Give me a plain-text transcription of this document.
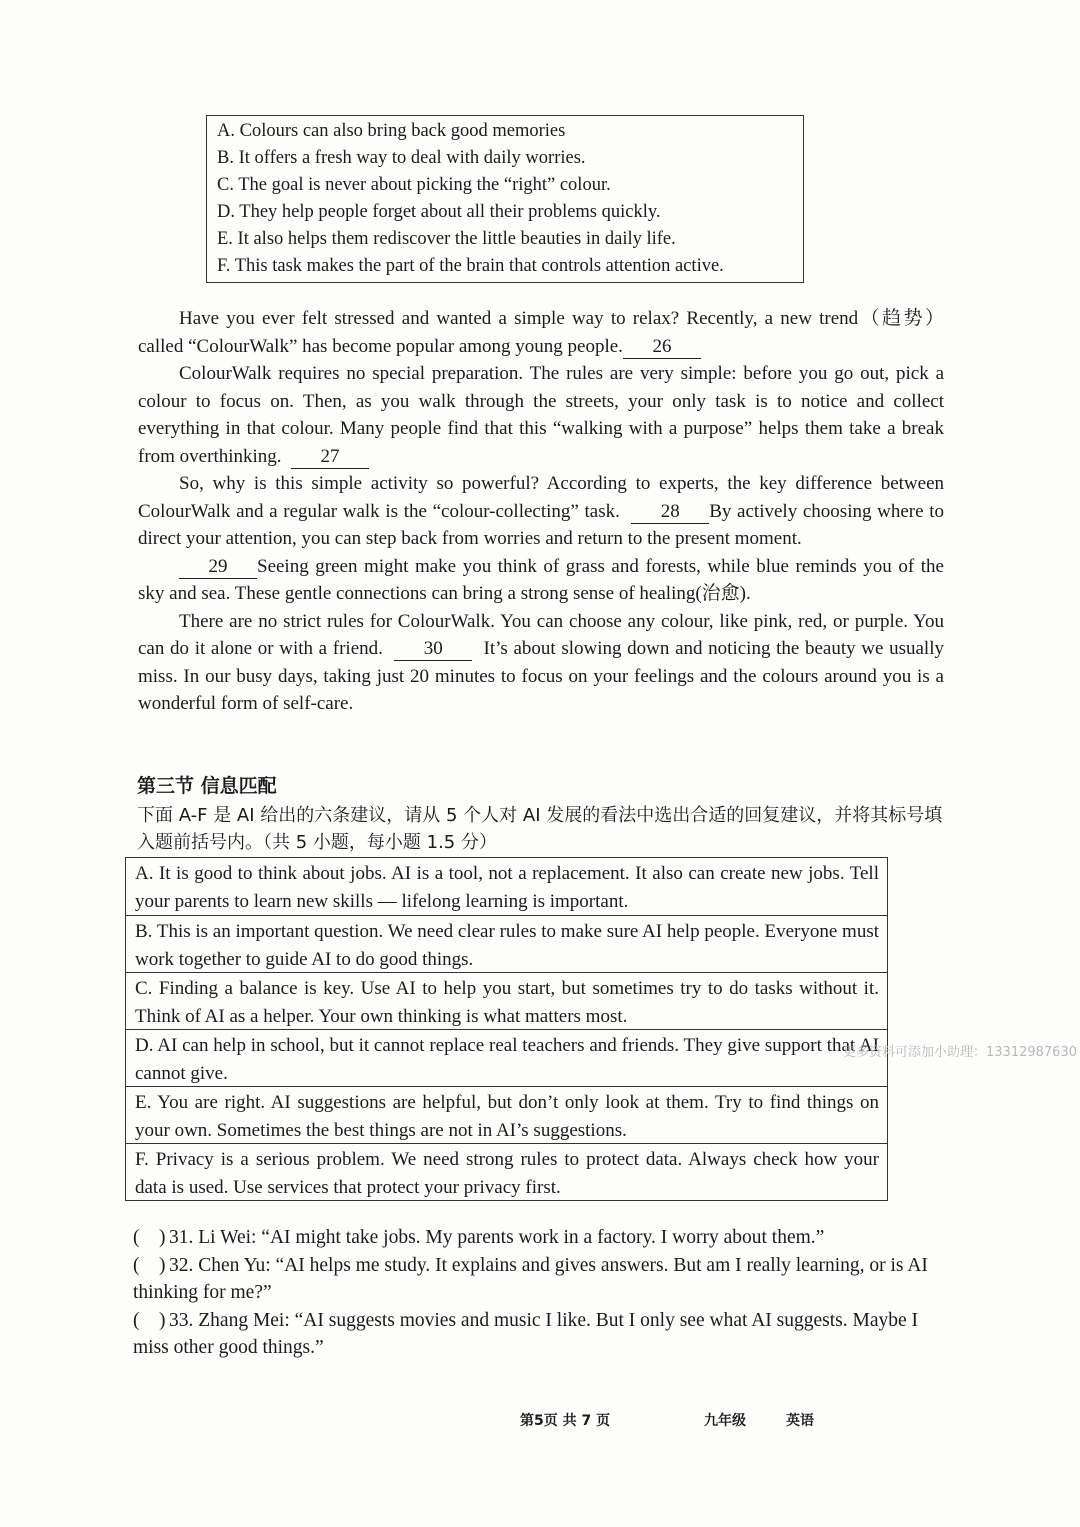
A. Colours can also bring back good memories
B. It offers a fresh way to deal with daily worries.
C. The goal is never about picking the “right” colour.
D. They help people forget about all their problems quickly.
E. It also helps them rediscover the little beauties in daily life.
F. This task makes the part of the brain that controls attention active.

Have you ever felt stressed and wanted a simple way to relax? Recently, a new trend（趋势） called “ColourWalk” has become popular among young people. 26

ColourWalk requires no special preparation. The rules are very simple: before you go out, pick a colour to focus on. Then, as you walk through the streets, your only task is to notice and collect everything in that colour. Many people find that this “walking with a purpose” helps them take a break from overthinking. 27

So, why is this simple activity so powerful? According to experts, the key difference between ColourWalk and a regular walk is the “colour-collecting” task. 28 By actively choosing where to direct your attention, you can step back from worries and return to the present moment.

29 Seeing green might make you think of grass and forests, while blue reminds you of the sky and sea. These gentle connections can bring a strong sense of healing(治愈).

There are no strict rules for ColourWalk. You can choose any colour, like pink, red, or purple. You can do it alone or with a friend. 30 It’s about slowing down and noticing the beauty we usually miss. In our busy days, taking just 20 minutes to focus on your feelings and the colours around you is a wonderful form of self-care.

第三节 信息匹配
下面 A-F 是 AI 给出的六条建议，请从 5 个人对 AI 发展的看法中选出合适的回复建议，并将其标号填入题前括号内。（共 5 小题，每小题 1.5 分）
A. It is good to think about jobs. AI is a tool, not a replacement. It also can create new jobs. Tell your parents to learn new skills — lifelong learning is important.
B. This is an important question. We need clear rules to make sure AI help people. Everyone must work together to guide AI to do good things.
C. Finding a balance is key. Use AI to help you start, but sometimes try to do tasks without it. Think of AI as a helper. Your own thinking is what matters most.
D. AI can help in school, but it cannot replace real teachers and friends. They give support that AI cannot give.
E. You are right. AI suggestions are helpful, but don’t only look at them. Try to find things on your own. Sometimes the best things are not in AI’s suggestions.
F. Privacy is a serious problem. We need strong rules to protect data. Always check how your data is used. Use services that protect your privacy first.
更多资料可添加小助理：13312987630

(    ) 31. Li Wei: “AI might take jobs. My parents work in a factory. I worry about them.”

(    ) 32. Chen Yu: “AI helps me study. It explains and gives answers. But am I really learning, or is AI thinking for me?”

(    ) 33. Zhang Mei: “AI suggests movies and music I like. But I only see what AI suggests. Maybe I miss other good things.”

第5页 共 7 页	九年级	英语
